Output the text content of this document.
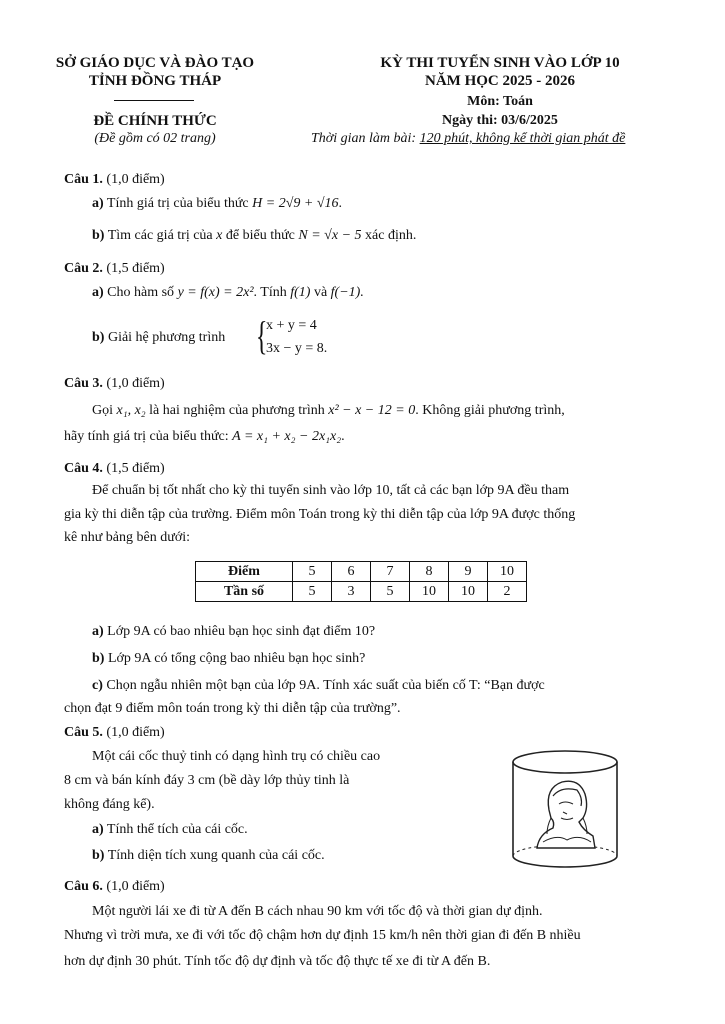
SỞ GIÁO DỤC VÀ ĐÀO TẠO
TỈNH ĐỒNG THÁP
ĐỀ CHÍNH THỨC
(Đề gồm có 02 trang)
KỲ THI TUYỂN SINH VÀO LỚP 10
NĂM HỌC 2025 - 2026
Môn: Toán
Ngày thi: 03/6/2025
Thời gian làm bài: 120 phút, không kể thời gian phát đề
Câu 1. (1,0 điểm)
a) Tính giá trị của biểu thức H = 2√9 + √16.
b) Tìm các giá trị của x để biểu thức N = √x − 5 xác định.
Câu 2. (1,5 điểm)
a) Cho hàm số y = f(x) = 2x². Tính f(1) và f(−1).
b) Giải hệ phương trình {
x + y = 4
3x − y = 8.
Câu 3. (1,0 điểm)
Gọi x₁, x₂ là hai nghiệm của phương trình x² − x − 12 = 0. Không giải phương trình,
hãy tính giá trị của biểu thức: A = x₁ + x₂ − 2x₁x₂.
Câu 4. (1,5 điểm)
Để chuẩn bị tốt nhất cho kỳ thi tuyển sinh vào lớp 10, tất cả các bạn lớp 9A đều tham
gia kỳ thi diễn tập của trường. Điểm môn Toán trong kỳ thi diễn tập của lớp 9A được thống
kê như bảng bên dưới:
Điểm	5	6	7	8	9	10
Tần số	5	3	5	10	10	2
a) Lớp 9A có bao nhiêu bạn học sinh đạt điểm 10?
b) Lớp 9A có tổng cộng bao nhiêu bạn học sinh?
c) Chọn ngẫu nhiên một bạn của lớp 9A. Tính xác suất của biến cố T: “Bạn được
chọn đạt 9 điểm môn toán trong kỳ thi diễn tập của trường”.
Câu 5. (1,0 điểm)
Một cái cốc thuỷ tinh có dạng hình trụ có chiều cao
8 cm và bán kính đáy 3 cm (bề dày lớp thủy tinh là
không đáng kể).
a) Tính thể tích của cái cốc.
b) Tính diện tích xung quanh của cái cốc.
Câu 6. (1,0 điểm)
Một người lái xe đi từ A đến B cách nhau 90 km với tốc độ và thời gian dự định.
Nhưng vì trời mưa, xe đi với tốc độ chậm hơn dự định 15 km/h nên thời gian đi đến B nhiều
hơn dự định 30 phút. Tính tốc độ dự định và tốc độ thực tế xe đi từ A đến B.
